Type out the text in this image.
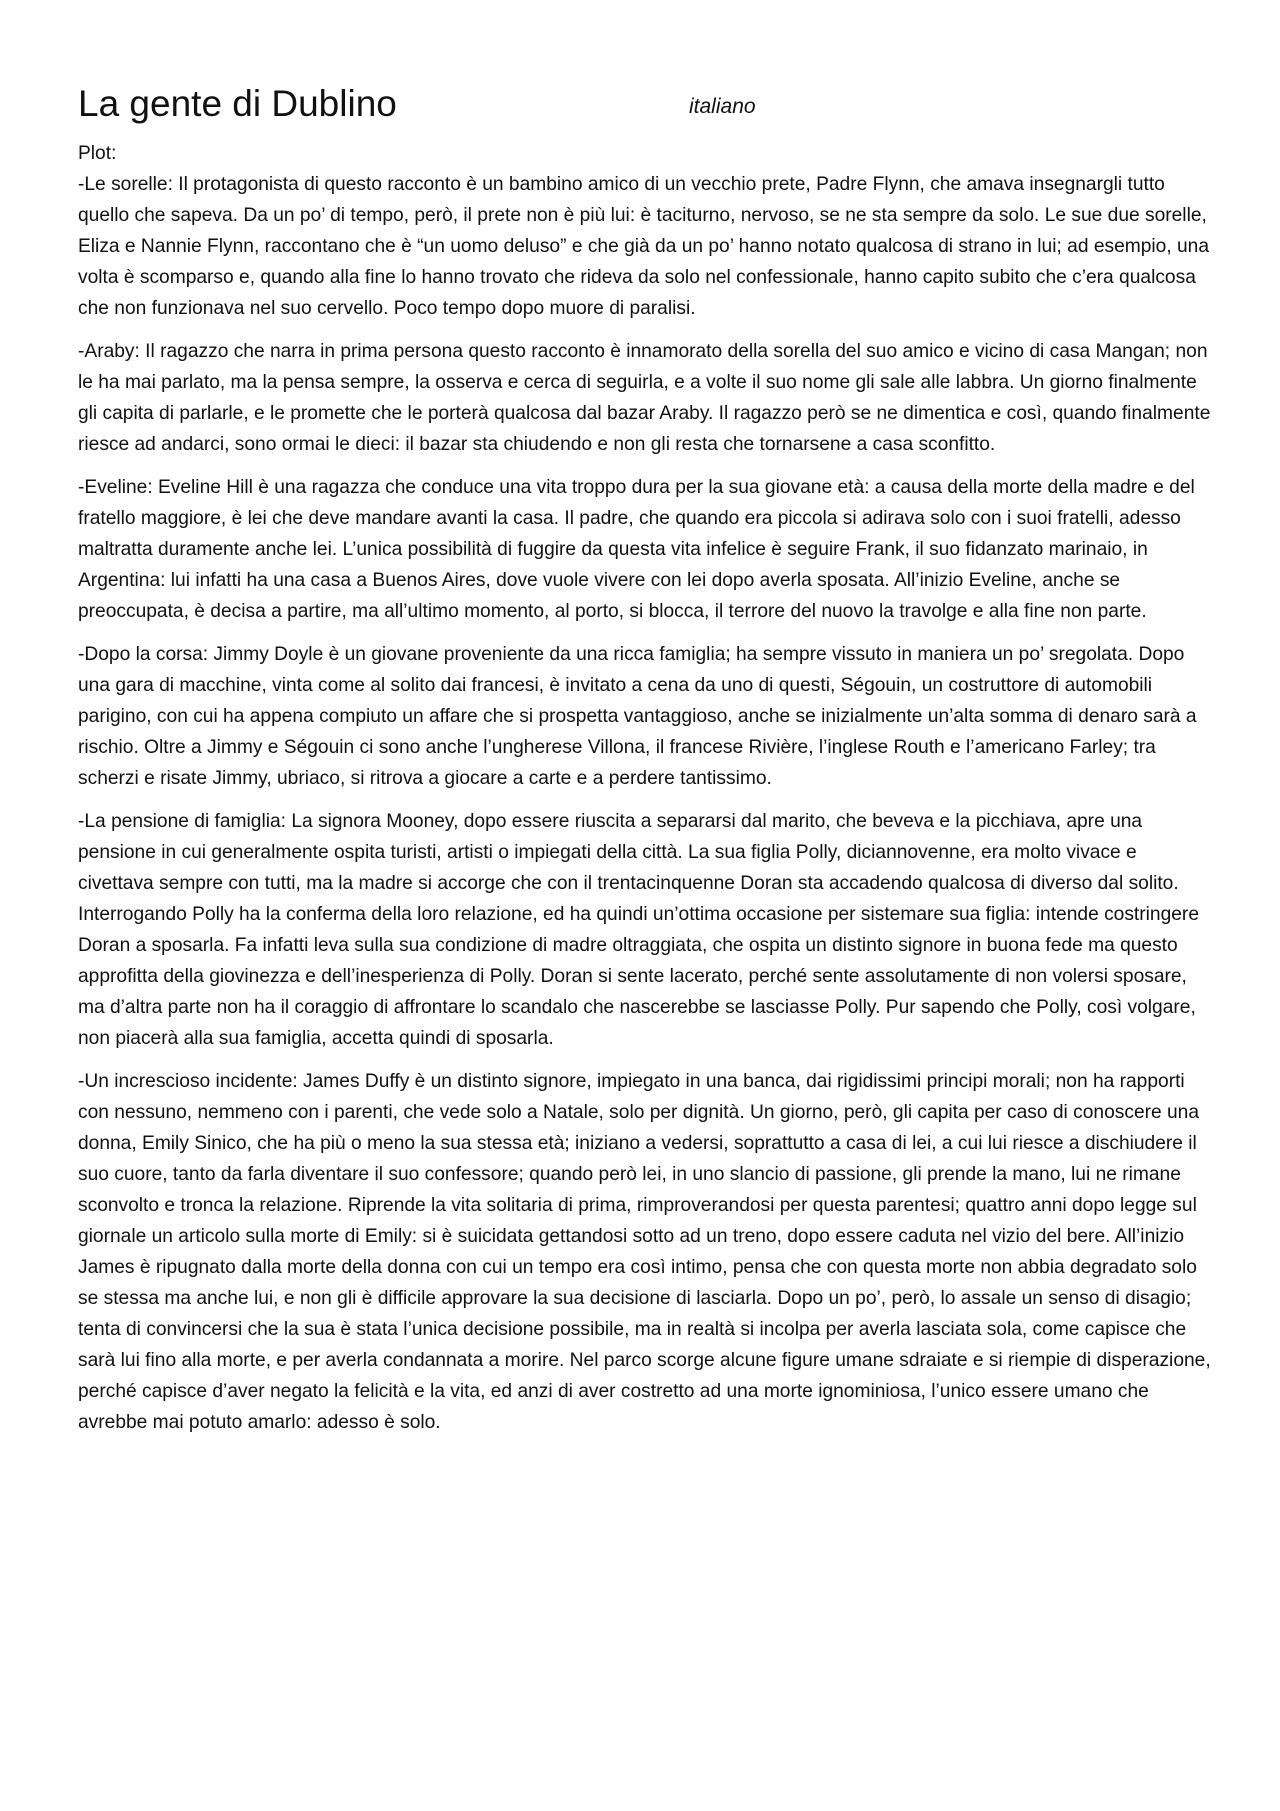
La gente di Dublino	italiano

Plot:

-Le sorelle: Il protagonista di questo racconto è un bambino amico di un vecchio prete, Padre Flynn, che amava insegnargli tutto quello che sapeva. Da un po’ di tempo, però, il prete non è più lui: è taciturno, nervoso, se ne sta sempre da solo. Le sue due sorelle, Eliza e Nannie Flynn, raccontano che è “un uomo deluso” e che già da un po’ hanno notato qualcosa di strano in lui; ad esempio, una volta è scomparso e, quando alla fine lo hanno trovato che rideva da solo nel confessionale, hanno capito subito che c’era qualcosa che non funzionava nel suo cervello. Poco tempo dopo muore di paralisi.

-Araby: Il ragazzo che narra in prima persona questo racconto è innamorato della sorella del suo amico e vicino di casa Mangan; non le ha mai parlato, ma la pensa sempre, la osserva e cerca di seguirla, e a volte il suo nome gli sale alle labbra. Un giorno finalmente gli capita di parlarle, e le promette che le porterà qualcosa dal bazar Araby. Il ragazzo però se ne dimentica e così, quando finalmente riesce ad andarci, sono ormai le dieci: il bazar sta chiudendo e non gli resta che tornarsene a casa sconfitto.

-Eveline: Eveline Hill è una ragazza che conduce una vita troppo dura per la sua giovane età: a causa della morte della madre e del fratello maggiore, è lei che deve mandare avanti la casa. Il padre, che quando era piccola si adirava solo con i suoi fratelli, adesso maltratta duramente anche lei. L’unica possibilità di fuggire da questa vita infelice è seguire Frank, il suo fidanzato marinaio, in Argentina: lui infatti ha una casa a Buenos Aires, dove vuole vivere con lei dopo averla sposata. All’inizio Eveline, anche se preoccupata, è decisa a partire, ma all’ultimo momento, al porto, si blocca, il terrore del nuovo la travolge e alla fine non parte.

-Dopo la corsa: Jimmy Doyle è un giovane proveniente da una ricca famiglia; ha sempre vissuto in maniera un po’ sregolata. Dopo una gara di macchine, vinta come al solito dai francesi, è invitato a cena da uno di questi, Ségouin, un costruttore di automobili parigino, con cui ha appena compiuto un affare che si prospetta vantaggioso, anche se inizialmente un’alta somma di denaro sarà a rischio. Oltre a Jimmy e Ségouin ci sono anche l’ungherese Villona, il francese Rivière, l’inglese Routh e l’americano Farley; tra scherzi e risate Jimmy, ubriaco, si ritrova a giocare a carte e a perdere tantissimo.

-La pensione di famiglia: La signora Mooney, dopo essere riuscita a separarsi dal marito, che beveva e la picchiava, apre una pensione in cui generalmente ospita turisti, artisti o impiegati della città. La sua figlia Polly, diciannovenne, era molto vivace e civettava sempre con tutti, ma la madre si accorge che con il trentacinquenne Doran sta accadendo qualcosa di diverso dal solito. Interrogando Polly ha la conferma della loro relazione, ed ha quindi un’ottima occasione per sistemare sua figlia: intende costringere Doran a sposarla. Fa infatti leva sulla sua condizione di madre oltraggiata, che ospita un distinto signore in buona fede ma questo approfitta della giovinezza e dell’inesperienza di Polly. Doran si sente lacerato, perché sente assolutamente di non volersi sposare, ma d’altra parte non ha il coraggio di affrontare lo scandalo che nascerebbe se lasciasse Polly. Pur sapendo che Polly, così volgare, non piacerà alla sua famiglia, accetta quindi di sposarla.

-Un increscioso incidente: James Duffy è un distinto signore, impiegato in una banca, dai rigidissimi principi morali; non ha rapporti con nessuno, nemmeno con i parenti, che vede solo a Natale, solo per dignità. Un giorno, però, gli capita per caso di conoscere una donna, Emily Sinico, che ha più o meno la sua stessa età; iniziano a vedersi, soprattutto a casa di lei, a cui lui riesce a dischiudere il suo cuore, tanto da farla diventare il suo confessore; quando però lei, in uno slancio di passione, gli prende la mano, lui ne rimane sconvolto e tronca la relazione. Riprende la vita solitaria di prima, rimproverandosi per questa parentesi; quattro anni dopo legge sul giornale un articolo sulla morte di Emily: si è suicidata gettandosi sotto ad un treno, dopo essere caduta nel vizio del bere. All’inizio James è ripugnato dalla morte della donna con cui un tempo era così intimo, pensa che con questa morte non abbia degradato solo se stessa ma anche lui, e non gli è difficile approvare la sua decisione di lasciarla. Dopo un po’, però, lo assale un senso di disagio; tenta di convincersi che la sua è stata l’unica decisione possibile, ma in realtà si incolpa per averla lasciata sola, come capisce che sarà lui fino alla morte, e per averla condannata a morire. Nel parco scorge alcune figure umane sdraiate e si riempie di disperazione, perché capisce d’aver negato la felicità e la vita, ed anzi di aver costretto ad una morte ignominiosa, l’unico essere umano che avrebbe mai potuto amarlo: adesso è solo.
